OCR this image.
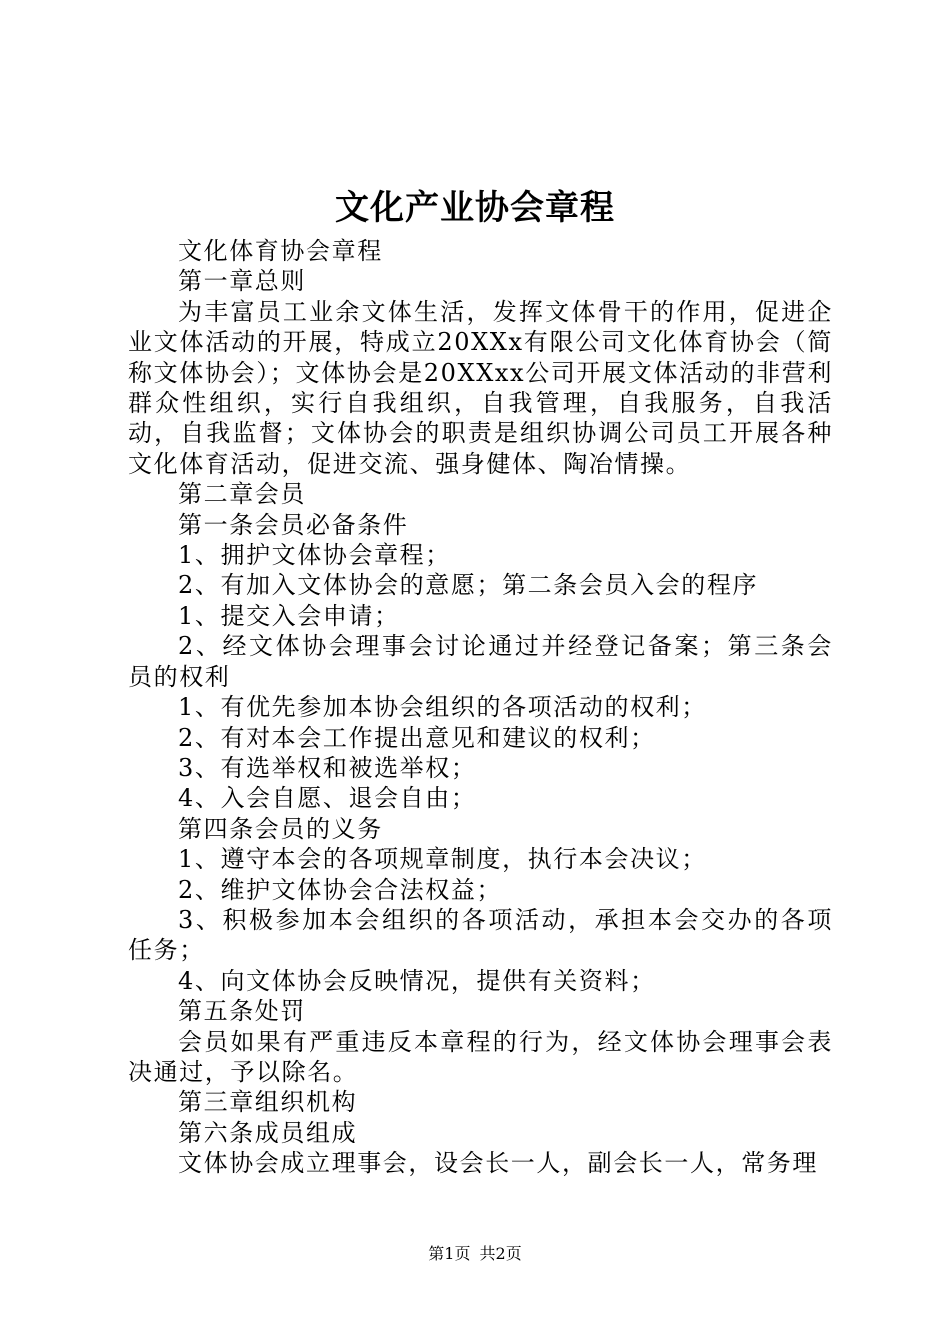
文化产业协会章程

文化体育协会章程

第一章总则

为丰富员工业余文体生活，发挥文体骨干的作用，促进企业文体活动的开展，特成立20XXx有限公司文化体育协会（简称文体协会）；文体协会是20XXxx公司开展文体活动的非营利群众性组织，实行自我组织，自我管理，自我服务，自我活动，自我监督；文体协会的职责是组织协调公司员工开展各种文化体育活动，促进交流、强身健体、陶冶情操。

第二章会员

第一条会员必备条件

1、拥护文体协会章程；

2、有加入文体协会的意愿；第二条会员入会的程序

1、提交入会申请；

2、经文体协会理事会讨论通过并经登记备案；第三条会员的权利

1、有优先参加本协会组织的各项活动的权利；

2、有对本会工作提出意见和建议的权利；

3、有选举权和被选举权；

4、入会自愿、退会自由；

第四条会员的义务

1、遵守本会的各项规章制度，执行本会决议；

2、维护文体协会合法权益；

3、积极参加本会组织的各项活动，承担本会交办的各项任务；

4、向文体协会反映情况，提供有关资料；

第五条处罚

会员如果有严重违反本章程的行为，经文体协会理事会表决通过，予以除名。

第三章组织机构

第六条成员组成

文体协会成立理事会，设会长一人，副会长一人，常务理

第1页 共2页
